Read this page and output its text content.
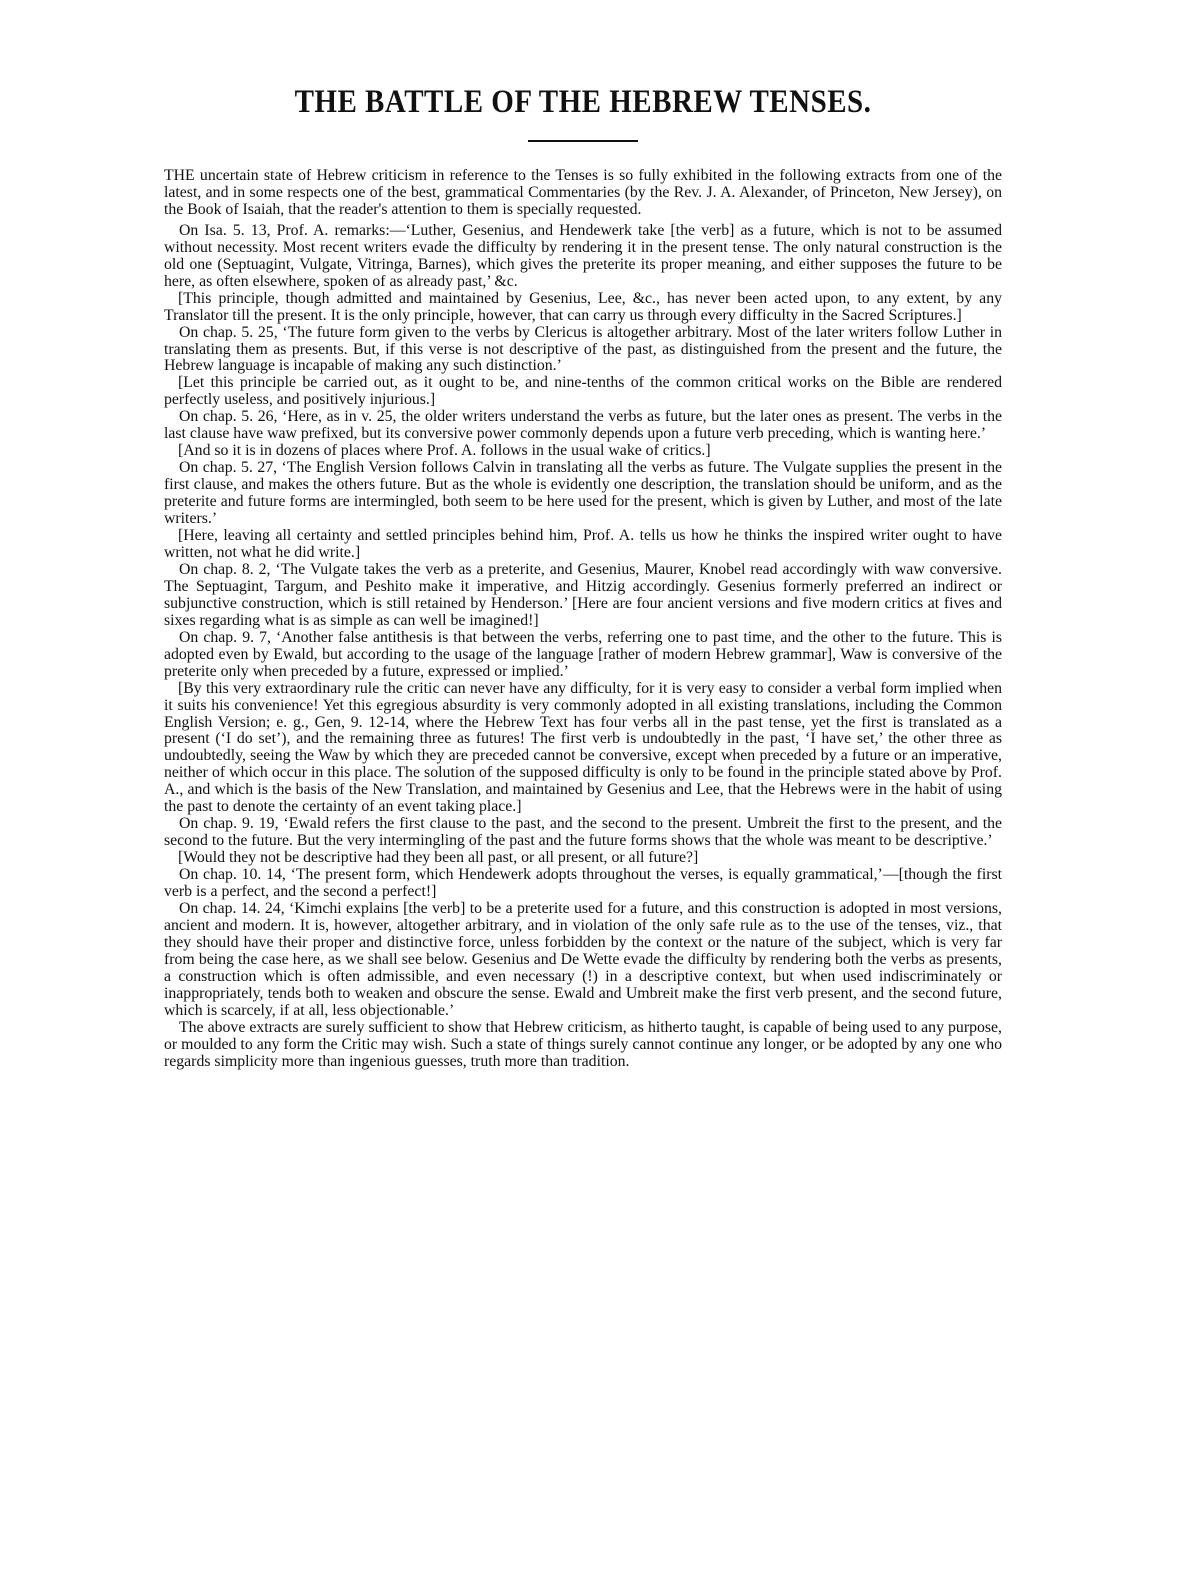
THE BATTLE OF THE HEBREW TENSES.

THE uncertain state of Hebrew criticism in reference to the Tenses is so fully exhibited in the following extracts from one of the latest, and in some respects one of the best, grammatical Commentaries (by the Rev. J. A. Alexander, of Princeton, New Jersey), on the Book of Isaiah, that the reader's attention to them is specially requested.

On Isa. 5. 13, Prof. A. remarks:—‘Luther, Gesenius, and Hendewerk take [the verb] as a future, which is not to be assumed without necessity. Most recent writers evade the difficulty by rendering it in the present tense. The only natural construction is the old one (Septuagint, Vulgate, Vitringa, Barnes), which gives the preterite its proper meaning, and either supposes the future to be here, as often elsewhere, spoken of as already past,’ &c.

[This principle, though admitted and maintained by Gesenius, Lee, &c., has never been acted upon, to any extent, by any Translator till the present. It is the only principle, however, that can carry us through every difficulty in the Sacred Scriptures.]

On chap. 5. 25, ‘The future form given to the verbs by Clericus is altogether arbitrary. Most of the later writers follow Luther in translating them as presents. But, if this verse is not descriptive of the past, as distinguished from the present and the future, the Hebrew language is incapable of making any such distinction.’

[Let this principle be carried out, as it ought to be, and nine-tenths of the common critical works on the Bible are rendered perfectly useless, and positively injurious.]

On chap. 5. 26, ‘Here, as in v. 25, the older writers understand the verbs as future, but the later ones as present. The verbs in the last clause have waw prefixed, but its conversive power commonly depends upon a future verb preceding, which is wanting here.’

[And so it is in dozens of places where Prof. A. follows in the usual wake of critics.]

On chap. 5. 27, ‘The English Version follows Calvin in translating all the verbs as future. The Vulgate supplies the present in the first clause, and makes the others future. But as the whole is evidently one description, the translation should be uniform, and as the preterite and future forms are intermingled, both seem to be here used for the present, which is given by Luther, and most of the late writers.’

[Here, leaving all certainty and settled principles behind him, Prof. A. tells us how he thinks the inspired writer ought to have written, not what he did write.]

On chap. 8. 2, ‘The Vulgate takes the verb as a preterite, and Gesenius, Maurer, Knobel read accordingly with waw conversive. The Septuagint, Targum, and Peshito make it imperative, and Hitzig accordingly. Gesenius formerly preferred an indirect or subjunctive construction, which is still retained by Henderson.’ [Here are four ancient versions and five modern critics at fives and sixes regarding what is as simple as can well be imagined!]

On chap. 9. 7, ‘Another false antithesis is that between the verbs, referring one to past time, and the other to the future. This is adopted even by Ewald, but according to the usage of the language [rather of modern Hebrew grammar], Waw is conversive of the preterite only when preceded by a future, expressed or implied.’

[By this very extraordinary rule the critic can never have any difficulty, for it is very easy to consider a verbal form implied when it suits his convenience! Yet this egregious absurdity is very commonly adopted in all existing translations, including the Common English Version; e. g., Gen, 9. 12-14, where the Hebrew Text has four verbs all in the past tense, yet the first is translated as a present (‘I do set’), and the remaining three as futures! The first verb is undoubtedly in the past, ‘I have set,’ the other three as undoubtedly, seeing the Waw by which they are preceded cannot be conversive, except when preceded by a future or an imperative, neither of which occur in this place. The solution of the supposed difficulty is only to be found in the principle stated above by Prof. A., and which is the basis of the New Translation, and maintained by Gesenius and Lee, that the Hebrews were in the habit of using the past to denote the certainty of an event taking place.]

On chap. 9. 19, ‘Ewald refers the first clause to the past, and the second to the present. Umbreit the first to the present, and the second to the future. But the very intermingling of the past and the future forms shows that the whole was meant to be descriptive.’

[Would they not be descriptive had they been all past, or all present, or all future?]

On chap. 10. 14, ‘The present form, which Hendewerk adopts throughout the verses, is equally grammatical,’—[though the first verb is a perfect, and the second a perfect!]

On chap. 14. 24, ‘Kimchi explains [the verb] to be a preterite used for a future, and this construction is adopted in most versions, ancient and modern. It is, however, altogether arbitrary, and in violation of the only safe rule as to the use of the tenses, viz., that they should have their proper and distinctive force, unless forbidden by the context or the nature of the subject, which is very far from being the case here, as we shall see below. Gesenius and De Wette evade the difficulty by rendering both the verbs as presents, a construction which is often admissible, and even necessary (!) in a descriptive context, but when used indiscriminately or inappropriately, tends both to weaken and obscure the sense. Ewald and Umbreit make the first verb present, and the second future, which is scarcely, if at all, less objectionable.’

The above extracts are surely sufficient to show that Hebrew criticism, as hitherto taught, is capable of being used to any purpose, or moulded to any form the Critic may wish. Such a state of things surely cannot continue any longer, or be adopted by any one who regards simplicity more than ingenious guesses, truth more than tradition.
